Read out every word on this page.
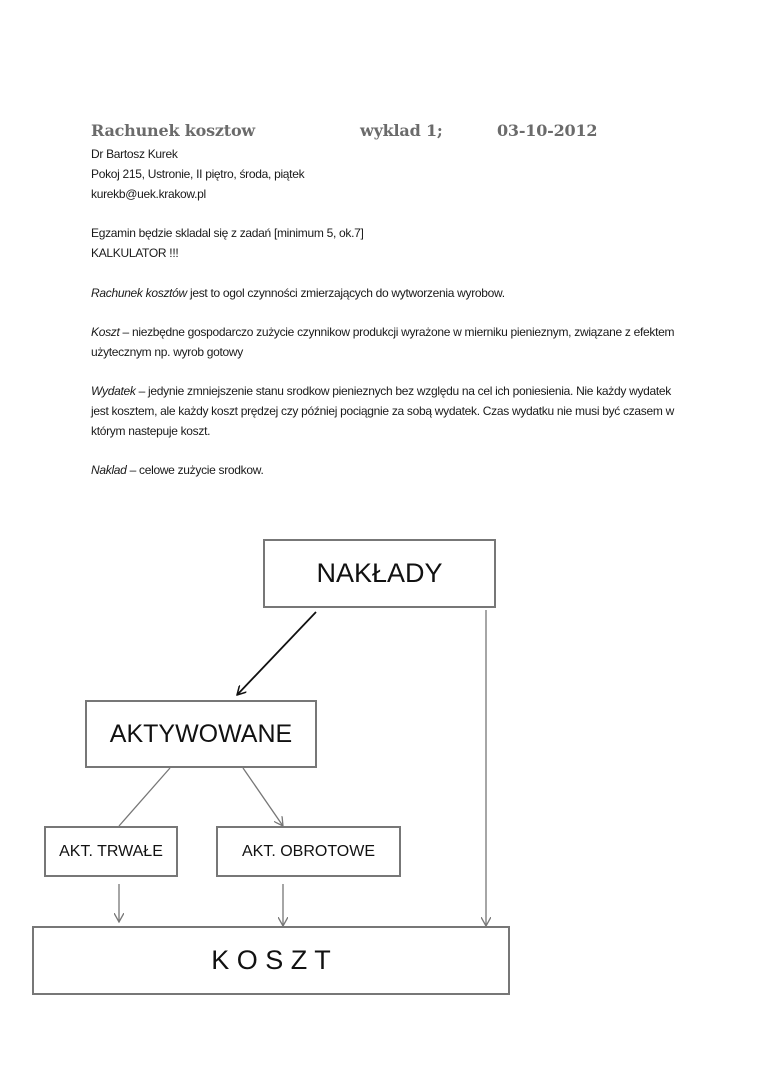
Rachunek kosztow	wyklad 1;	03-10-2012
Dr Bartosz Kurek
Pokoj 215, Ustronie, II piętro, środa, piątek
kurekb@uek.krakow.pl
Egzamin będzie skladal się z zadań [minimum 5, ok.7]
KALKULATOR !!!
Rachunek kosztów jest to ogol czynności zmierzających do wytworzenia wyrobow.
Koszt – niezbędne gospodarczo zużycie czynnikow produkcji wyrażone w mierniku pienieznym, związane z efektem użytecznym np. wyrob gotowy
Wydatek – jedynie zmniejszenie stanu srodkow pienieznych bez względu na cel ich poniesienia. Nie każdy wydatek jest kosztem, ale każdy koszt prędzej czy później pociągnie za sobą wydatek. Czas wydatku nie musi być czasem w którym nastepuje koszt.
Naklad – celowe zużycie srodkow.
NAKŁADY
AKTYWOWANE
AKT. TRWAŁE	AKT. OBROTOWE
K O S Z T
